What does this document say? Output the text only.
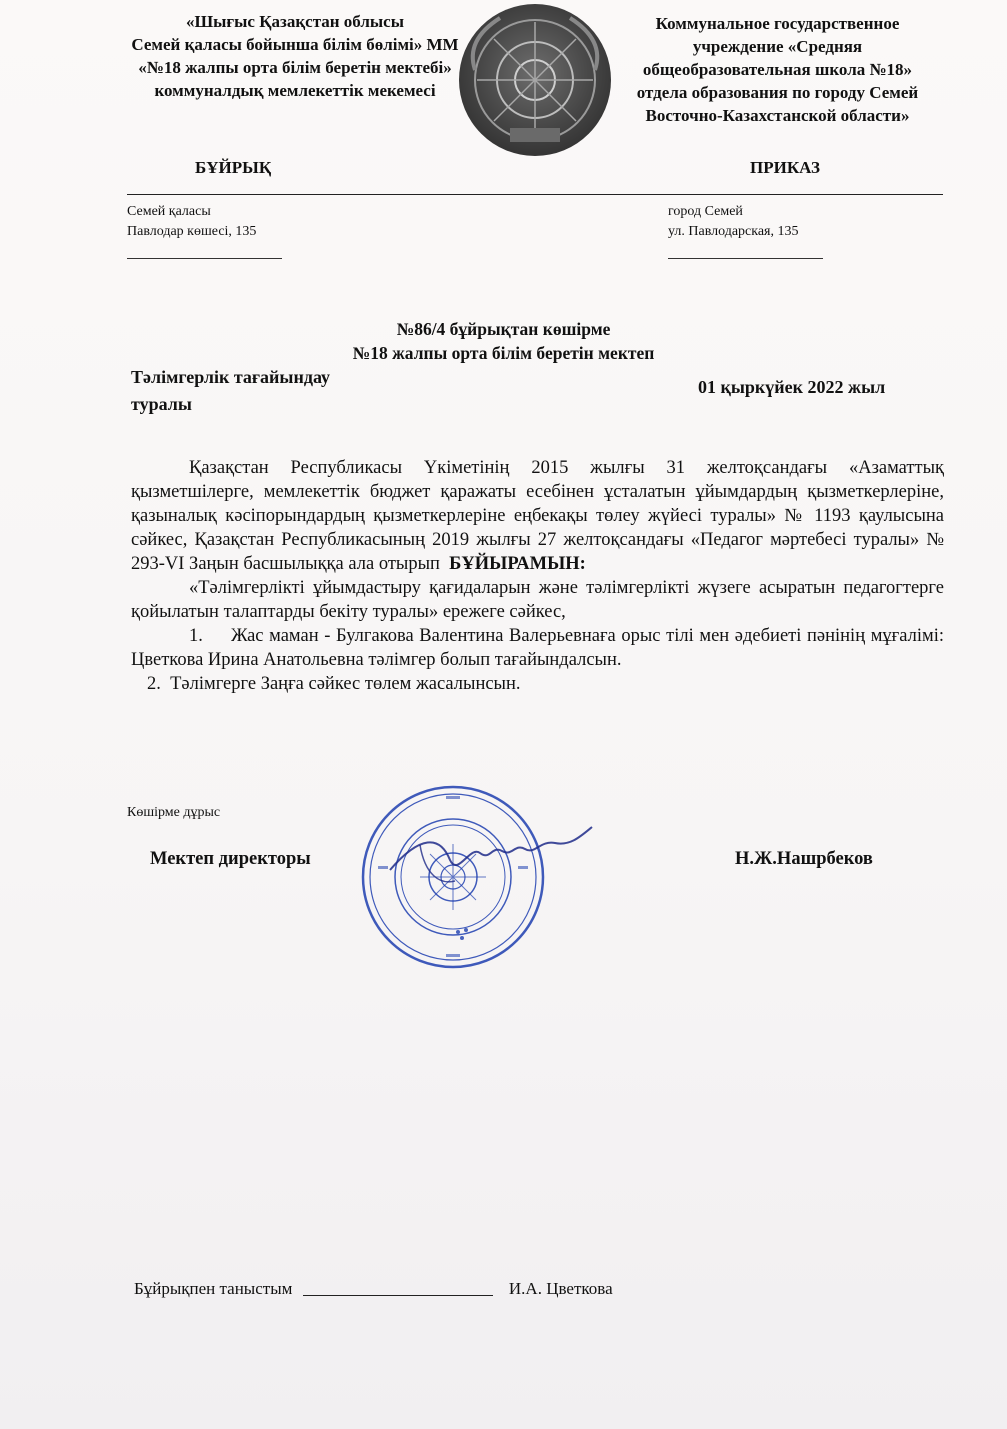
«Шығыс Қазақстан облысы
Семей қаласы бойынша білім бөлімі» ММ
«№18 жалпы орта білім беретін мектебі»
коммуналдық мемлекеттік мекемесі
Коммунальное государственное
учреждение «Средняя
общеобразовательная школа №18»
отдела образования по городу Семей
Восточно-Казахстанской области»
БҰЙРЫҚ	ПРИКАЗ
Семей қаласы
Павлодар көшесі, 135
город Семей
ул. Павлодарская, 135
№86/4 бұйрықтан көшірме
№18 жалпы орта білім беретін мектеп
Тәлімгерлік тағайындау
туралы
01 қыркүйек 2022 жыл

Қазақстан Республикасы Үкіметінің 2015 жылғы 31 желтоқсандағы «Азаматтық қызметшілерге, мемлекеттік бюджет қаражаты есебінен ұсталатын ұйымдардың қызметкерлеріне, қазыналық кәсіпорындардың қызметкерлеріне еңбекақы төлеу жүйесі туралы» № 1193 қаулысына сәйкес, Қазақстан Республикасының 2019 жылғы 27 желтоқсандағы «Педагог мәртебесі туралы» № 293-VI Заңын басшылыққа ала отырып БҰЙЫРАМЫН:

«Тәлімгерлікті ұйымдастыру қағидаларын және тәлімгерлікті жүзеге асыратын педагогтерге қойылатын талаптарды бекіту туралы» ережеге сәйкес,

1. Жас маман - Булгакова Валентина Валерьевнаға орыс тілі мен әдебиеті пәнінің мұғалімі: Цветкова Ирина Анатольевна тәлімгер болып тағайындалсын.

2. Тәлімгерге Заңға сәйкес төлем жасалынсын.

Көшірме дұрыс
Мектеп директоры	Н.Ж.Нашрбеков
Бұйрықпен таныстым	И.А. Цветкова
